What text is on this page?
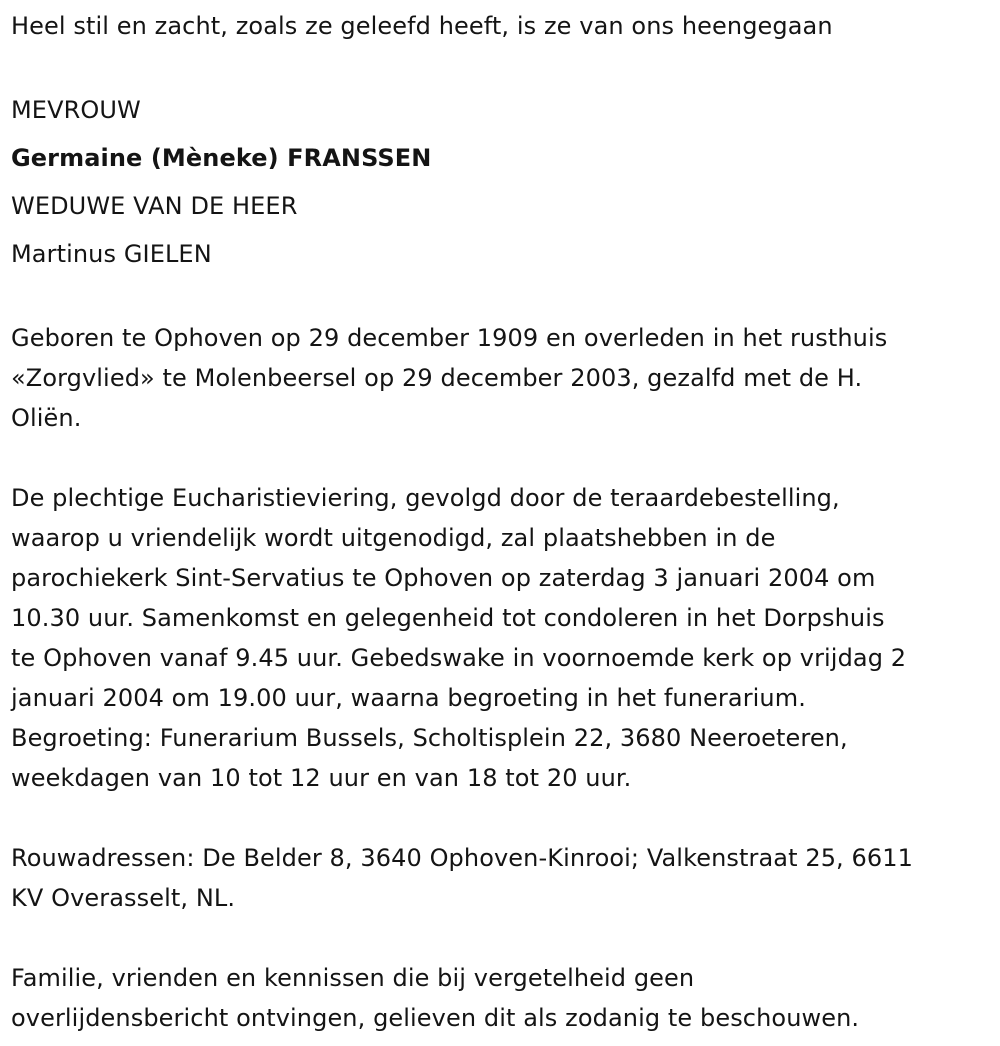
Heel stil en zacht, zoals ze geleefd heeft, is ze van ons heengegaan
MEVROUW
Germaine (Mèneke) FRANSSEN
WEDUWE VAN DE HEER
Martinus GIELEN
Geboren te Ophoven op 29 december 1909 en overleden in het rusthuis
«Zorgvlied» te Molenbeersel op 29 december 2003, gezalfd met de H.
Oliën.
De plechtige Eucharistieviering, gevolgd door de teraardebestelling,
waarop u vriendelijk wordt uitgenodigd, zal plaatshebben in de
parochiekerk Sint-Servatius te Ophoven op zaterdag 3 januari 2004 om
10.30 uur. Samenkomst en gelegenheid tot condoleren in het Dorpshuis
te Ophoven vanaf 9.45 uur. Gebedswake in voornoemde kerk op vrijdag 2
januari 2004 om 19.00 uur, waarna begroeting in het funerarium.
Begroeting: Funerarium Bussels, Scholtisplein 22, 3680 Neeroeteren,
weekdagen van 10 tot 12 uur en van 18 tot 20 uur.
Rouwadressen: De Belder 8, 3640 Ophoven-Kinrooi; Valkenstraat 25, 6611
KV Overasselt, NL.
Familie, vrienden en kennissen die bij vergetelheid geen
overlijdensbericht ontvingen, gelieven dit als zodanig te beschouwen.
